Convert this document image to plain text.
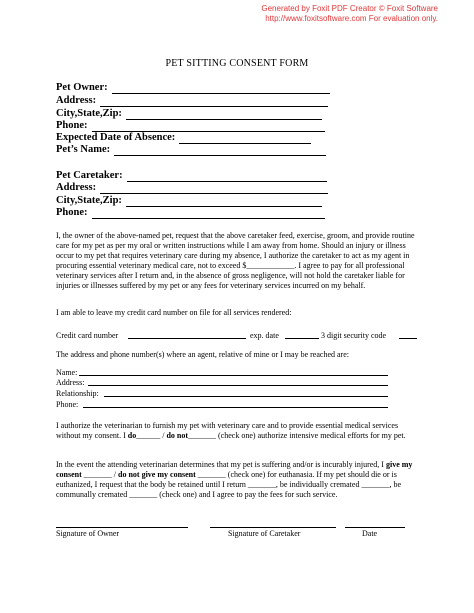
Generated by Foxit PDF Creator © Foxit Software
http://www.foxitsoftware.com For evaluation only.
PET SITTING CONSENT FORM
Pet Owner:
Address:
City,State,Zip:
Phone:
Expected Date of Absence:
Pet’s Name:
Pet Caretaker:
Address:
City,State,Zip:
Phone:
I, the owner of the above-named pet, request that the above caretaker feed, exercise, groom, and provide routine care for my pet as per my oral or written instructions while I am away from home. Should an injury or illness occur to my pet that requires veterinary care during my absence, I authorize the caretaker to act as my agent in procuring essential veterinary medical care, not to exceed $____________. I agree to pay for all professional veterinary services after I return and, in the absence of gross negligence, will not hold the caretaker liable for injuries or illnesses suffered by my pet or any fees for veterinary services incurred on my behalf.
I am able to leave my credit card number on file for all services rendered:
Credit card number	exp. date	3 digit security code
The address and phone number(s) where an agent, relative of mine or I may be reached are:
Name:
Address:
Relationship:
Phone:
I authorize the veterinarian to furnish my pet with veterinary care and to provide essential medical services without my consent. I do______ / do not_______ (check one) authorize intensive medical efforts for my pet.
In the event the attending veterinarian determines that my pet is suffering and/or is incurably injured, I give my consent _______ / do not give my consent _______ (check one) for euthanasia. If my pet should die or is euthanized, I request that the body be retained until I return _______, be individually cremated _______, be communally cremated _______ (check one) and I agree to pay the fees for such service.
Signature of Owner	Signature of Caretaker	Date
